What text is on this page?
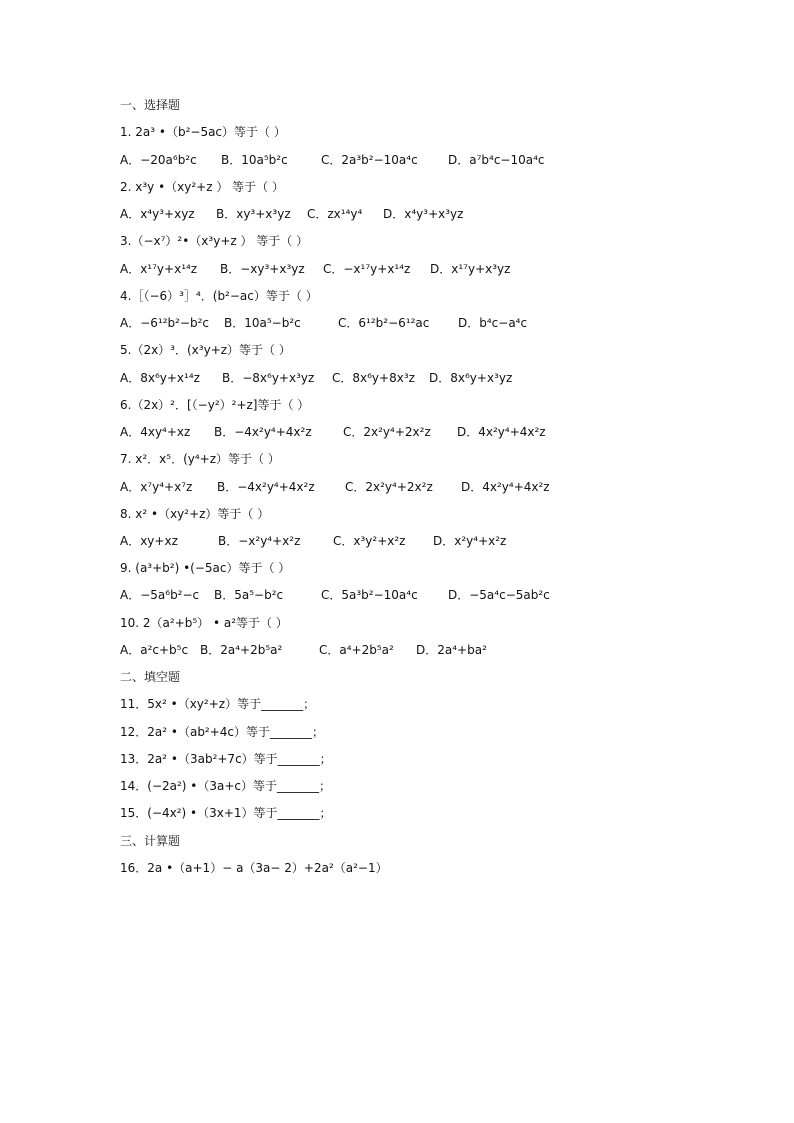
一、选择题
1. 2a³ •（b²−5ac）等于（ ）
A．−20a⁶b²c B．10a⁵b²c	C．2a³b²−10a⁴c	D．a⁷b⁴c−10a⁴c
2. x³y •（xy²+z ） 等于（ ）
A．x⁴y³+xyz B．xy³+x³yz C．zx¹⁴y⁴ D．x⁴y³+x³yz
3.（−x⁷）²•（x³y+z ） 等于（ ）
A．x¹⁷y+x¹⁴z B．−xy³+x³yz C．−x¹⁷y+x¹⁴z D．x¹⁷y+x³yz
4.［（−6）³］⁴．(b²−ac）等于（ ）
A．−6¹²b²−b²c B．10a⁵−b²c	C．6¹²b²−6¹²ac D．b⁴c−a⁴c
5.（2x）³．(x³y+z）等于（ ）
A．8x⁶y+x¹⁴z B．−8x⁶y+x³yz C．8x⁶y+8x³z D．8x⁶y+x³yz
6.（2x）²．[（−y²）²+z]等于（ ）
A．4xy⁴+xz B．−4x²y⁴+4x²z	C．2x²y⁴+2x²z D．4x²y⁴+4x²z
7. x²．x⁵．(y⁴+z）等于（ ）
A．x⁷y⁴+x⁷z B．−4x²y⁴+4x²z	C．2x²y⁴+2x²z D．4x²y⁴+4x²z
8. x² •（xy²+z）等于（ ）
A．xy+xz	B．−x²y⁴+x²z	C．x³y²+x²z D．x²y⁴+x²z
9. (a³+b²) •(−5ac）等于（ ）
A．−5a⁶b²−c B．5a⁵−b²c	C．5a³b²−10a⁴c	D．−5a⁴c−5ab²c
10. 2（a²+b⁵） • a²等于（ ）
A．a²c+b⁵c B．2a⁴+2b⁵a²	C．a⁴+2b⁵a² D．2a⁴+ba²
二、填空题
11．5x² •（xy²+z）等于_______；
12．2a² •（ab²+4c）等于_______；
13．2a² •（3ab²+7c）等于_______；
14．(−2a²) •（3a+c）等于_______；
15．(−4x²) •（3x+1）等于_______；
三、计算题
16．2a •（a+1）− a（3a− 2）+2a²（a²−1）
